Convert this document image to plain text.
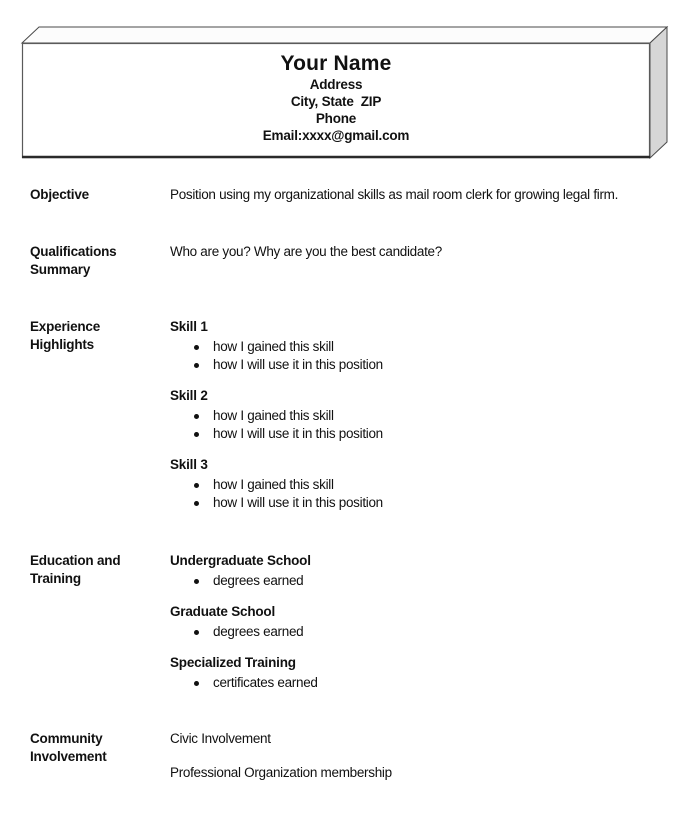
Your Name
Address
City, State  ZIP
Phone
Email:xxxx@gmail.com
Objective	Position using my organizational skills as mail room clerk for growing legal firm.

Qualifications Summary

Who are you? Why are you the best candidate?

Experience Highlights
Skill 1
how I gained this skill
how I will use it in this position
Skill 2
how I gained this skill
how I will use it in this position
Skill 3
how I gained this skill
how I will use it in this position
Education and Training
Undergraduate School
degrees earned
Graduate School
degrees earned
Specialized Training
certificates earned
Community Involvement

Civic Involvement

Professional Organization membership
